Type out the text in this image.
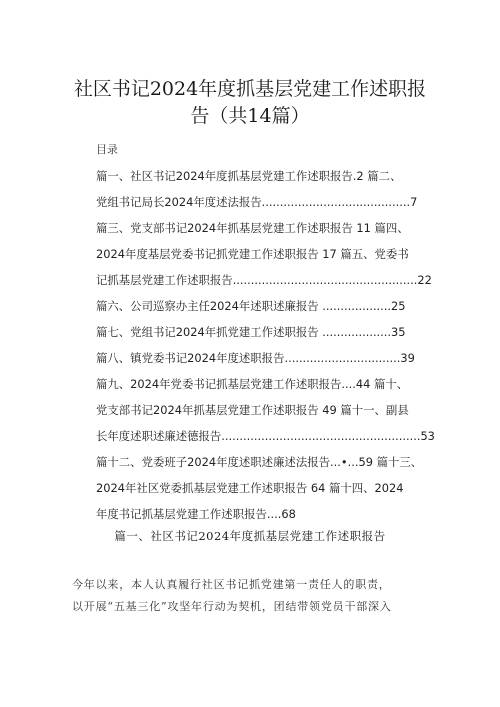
社区书记2024年度抓基层党建工作述职报
告（共14篇）
目录
篇一、社区书记2024年度抓基层党建工作述职报告.2 篇二、
党组书记局长2024年度述法报告.........................................7
篇三、党支部书记2024年抓基层党建工作述职报告 11 篇四、
2024年度基层党委书记抓党建工作述职报告 17 篇五、党委书
记抓基层党建工作述职报告...................................................22
篇六、公司巡察办主任2024年述职述廉报告 ...................25
篇七、党组书记2024年抓党建工作述职报告 ...................35
篇八、镇党委书记2024年度述职报告................................39
篇九、2024年党委书记抓基层党建工作述职报告....44 篇十、
党支部书记2024年抓基层党建工作述职报告 49 篇十一、副县
长年度述职述廉述德报告.......................................................53
篇十二、党委班子2024年度述职述廉述法报告...•...59 篇十三、
2024年社区党委抓基层党建工作述职报告 64 篇十四、2024
年度书记抓基层党建工作述职报告....68
篇一、社区书记2024年度抓基层党建工作述职报告
今年以来，本人认真履行社区书记抓党建第一责任人的职责，
以开展“五基三化”攻坚年行动为契机，团结带领党员干部深入
